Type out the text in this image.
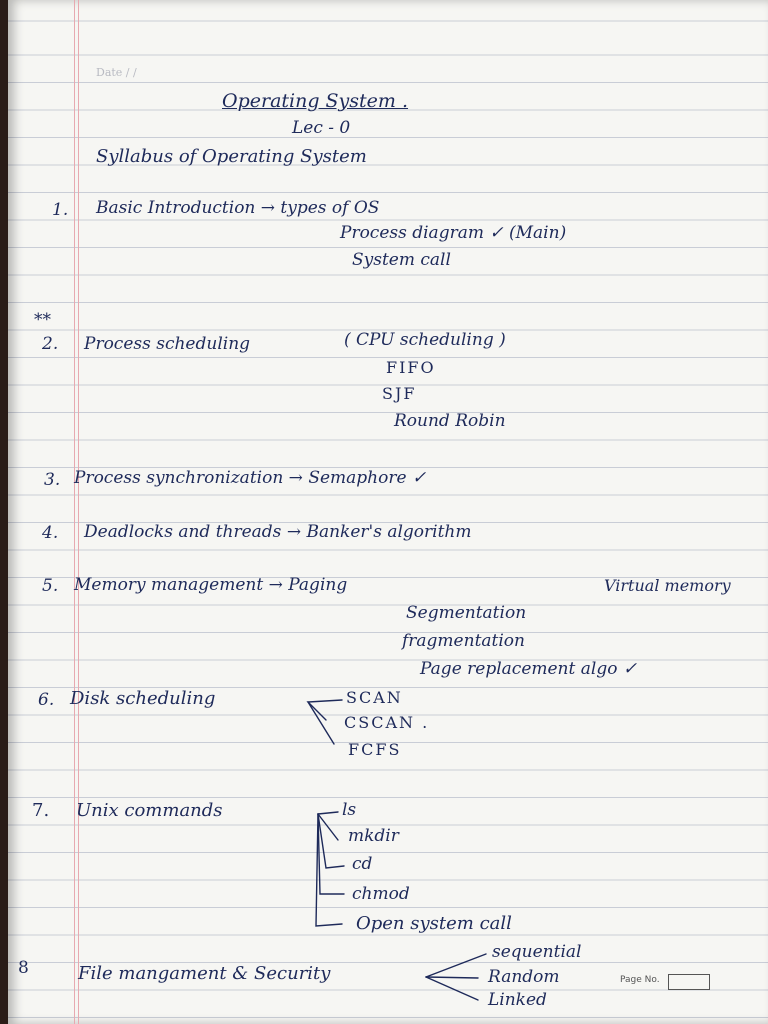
Date / /
Operating System .
Lec - 0
Syllabus of Operating System
1. Basic Introduction → types of OS
Process diagram ✓ (Main)
System call
**
2. Process scheduling	( CPU scheduling )
FIFO
SJF
Round Robin
3. Process synchronization → Semaphore ✓
4. Deadlocks and threads → Banker's algorithm
5. Memory management → Paging	Virtual memory
Segmentation
fragmentation
Page replacement algo ✓
6. Disk scheduling	SCAN
CSCAN .
FCFS
7. Unix commands	ls
mkdir
cd
chmod
Open system call
8	File mangament & Security
sequential
Random
Linked
Page No.
